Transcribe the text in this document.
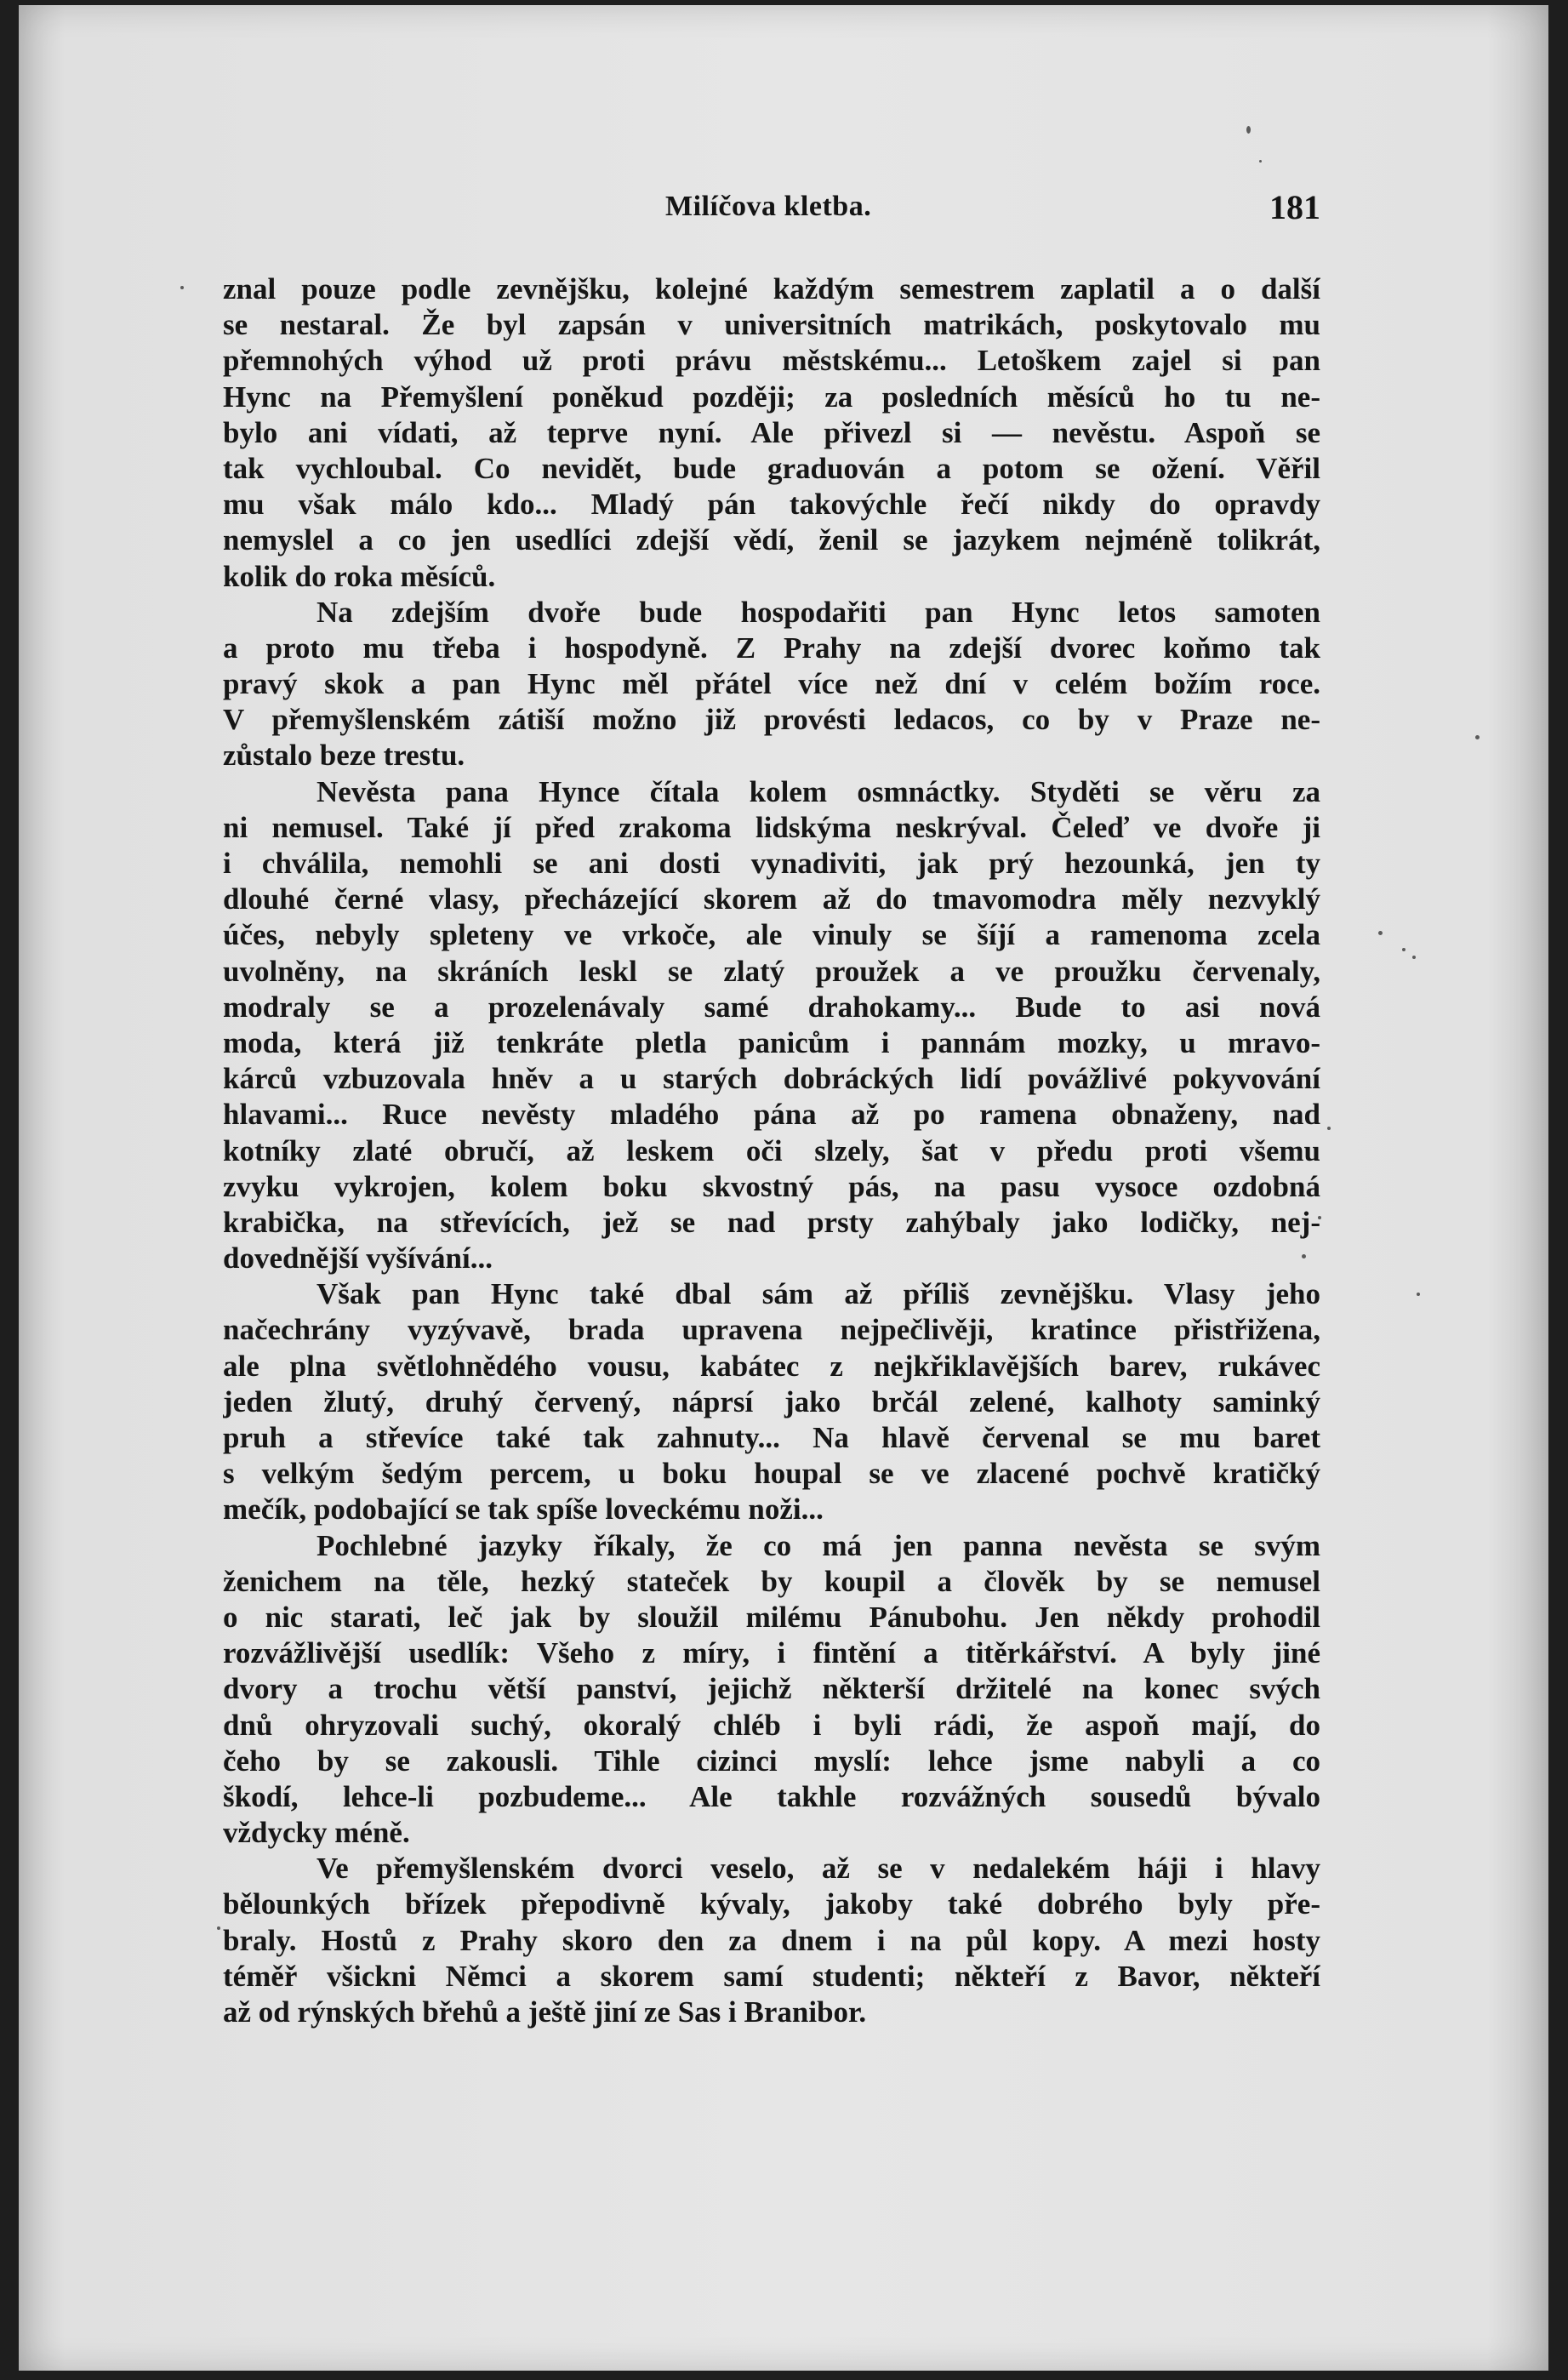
Milíčova kletba.	181
znal pouze podle zevnějšku, kolejné každým semestrem zaplatil a o další
se nestaral. Že byl zapsán v universitních matrikách, poskytovalo mu
přemnohých výhod už proti právu městskému... Letoškem zajel si pan
Hync na Přemyšlení poněkud později; za posledních měsíců ho tu ne-
bylo ani vídati, až teprve nyní. Ale přivezl si — nevěstu. Aspoň se
tak vychloubal. Co nevidět, bude graduován a potom se ožení. Věřil
mu však málo kdo... Mladý pán takovýchle řečí nikdy do opravdy
nemyslel a co jen usedlíci zdejší vědí, ženil se jazykem nejméně tolikrát,
kolik do roka měsíců.
Na zdejším dvoře bude hospodařiti pan Hync letos samoten
a proto mu třeba i hospodyně. Z Prahy na zdejší dvorec koňmo tak
pravý skok a pan Hync měl přátel více než dní v celém božím roce.
V přemyšlenském zátiší možno již provésti ledacos, co by v Praze ne-
zůstalo beze trestu.
Nevěsta pana Hynce čítala kolem osmnáctky. Styděti se věru za
ni nemusel. Také jí před zrakoma lidskýma neskrýval. Čeleď ve dvoře ji
i chválila, nemohli se ani dosti vynadiviti, jak prý hezounká, jen ty
dlouhé černé vlasy, přecházející skorem až do tmavomodra měly nezvyklý
účes, nebyly spleteny ve vrkoče, ale vinuly se šíjí a ramenoma zcela
uvolněny, na skráních leskl se zlatý proužek a ve proužku červenaly,
modraly se a prozelenávaly samé drahokamy... Bude to asi nová
moda, která již tenkráte pletla panicům i pannám mozky, u mravo-
kárců vzbuzovala hněv a u starých dobráckých lidí povážlivé pokyvování
hlavami... Ruce nevěsty mladého pána až po ramena obnaženy, nad
kotníky zlaté obručí, až leskem oči slzely, šat v předu proti všemu
zvyku vykrojen, kolem boku skvostný pás, na pasu vysoce ozdobná
krabička, na střevících, jež se nad prsty zahýbaly jako lodičky, nej-
dovednější vyšívání...
Však pan Hync také dbal sám až příliš zevnějšku. Vlasy jeho
načechrány vyzývavě, brada upravena nejpečlivěji, kratince přistřižena,
ale plna světlohnědého vousu, kabátec z nejkřiklavějších barev, rukávec
jeden žlutý, druhý červený, náprsí jako brčál zelené, kalhoty saminký
pruh a střevíce také tak zahnuty... Na hlavě červenal se mu baret
s velkým šedým percem, u boku houpal se ve zlacené pochvě kratičký
mečík, podobající se tak spíše loveckému noži...
Pochlebné jazyky říkaly, že co má jen panna nevěsta se svým
ženichem na těle, hezký stateček by koupil a člověk by se nemusel
o nic starati, leč jak by sloužil milému Pánubohu. Jen někdy prohodil
rozvážlivější usedlík: Všeho z míry, i fintění a titěrkářství. A byly jiné
dvory a trochu větší panství, jejichž některší držitelé na konec svých
dnů ohryzovali suchý, okoralý chléb i byli rádi, že aspoň mají, do
čeho by se zakousli. Tihle cizinci myslí: lehce jsme nabyli a co
škodí, lehce-li pozbudeme... Ale takhle rozvážných sousedů bývalo
vždycky méně.
Ve přemyšlenském dvorci veselo, až se v nedalekém háji i hlavy
bělounkých břízek přepodivně kývaly, jakoby také dobrého byly pře-
braly. Hostů z Prahy skoro den za dnem i na půl kopy. A mezi hosty
téměř všickni Němci a skorem samí studenti; někteří z Bavor, někteří
až od rýnských břehů a ještě jiní ze Sas i Branibor.
